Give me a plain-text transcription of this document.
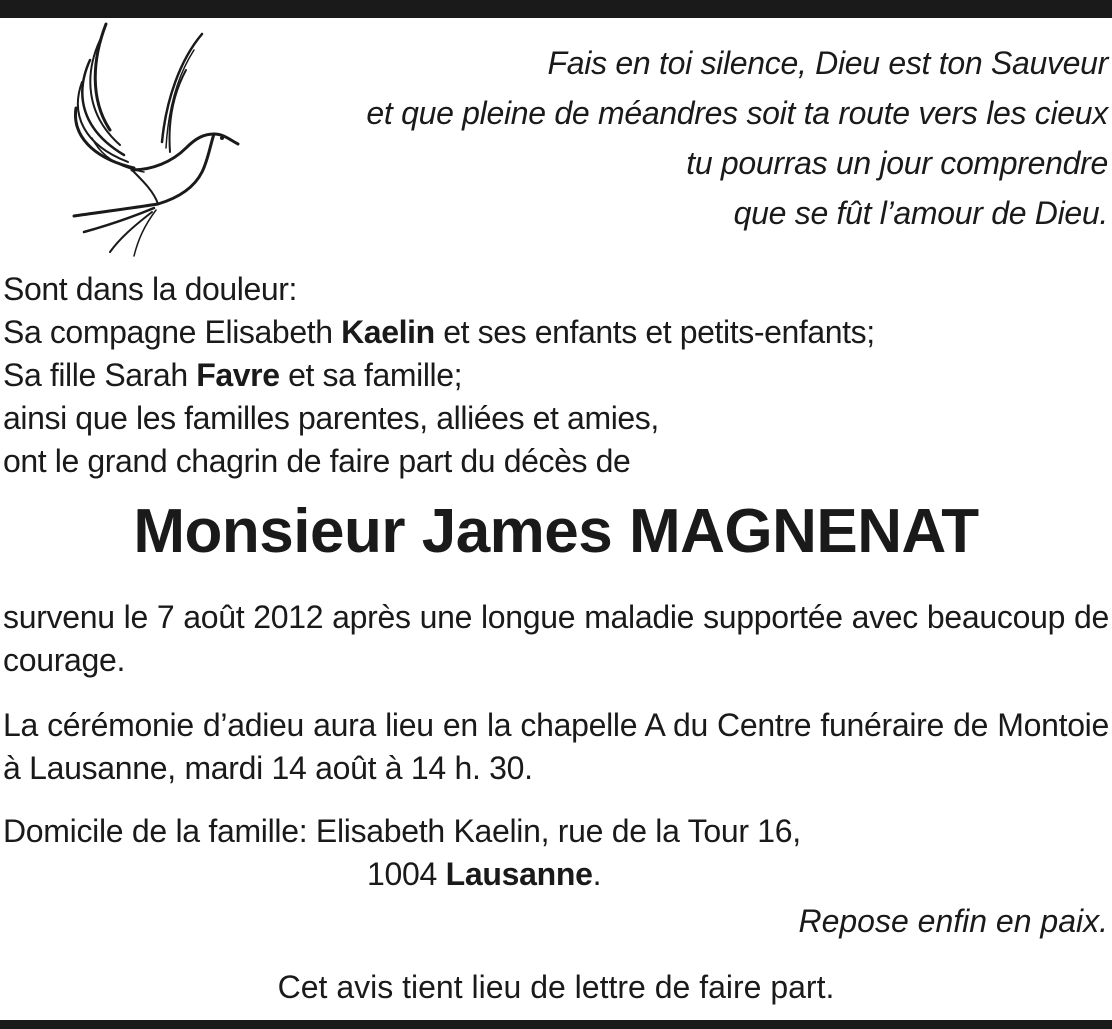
Fais en toi silence, Dieu est ton Sauveur
et que pleine de méandres soit ta route vers les cieux
tu pourras un jour comprendre
que se fût l’amour de Dieu.
Sont dans la douleur:
Sa compagne Elisabeth Kaelin et ses enfants et petits-enfants;
Sa fille Sarah Favre et sa famille;
ainsi que les familles parentes, alliées et amies,
ont le grand chagrin de faire part du décès de
Monsieur James MAGNENAT
survenu le 7 août 2012 après une longue maladie supportée avec beaucoup de courage.
La cérémonie d’adieu aura lieu en la chapelle A du Centre funéraire de Montoie à Lausanne, mardi 14 août à 14 h. 30.
Domicile de la famille: Elisabeth Kaelin, rue de la Tour 16,
1004 Lausanne.
Repose enfin en paix.
Cet avis tient lieu de lettre de faire part.
